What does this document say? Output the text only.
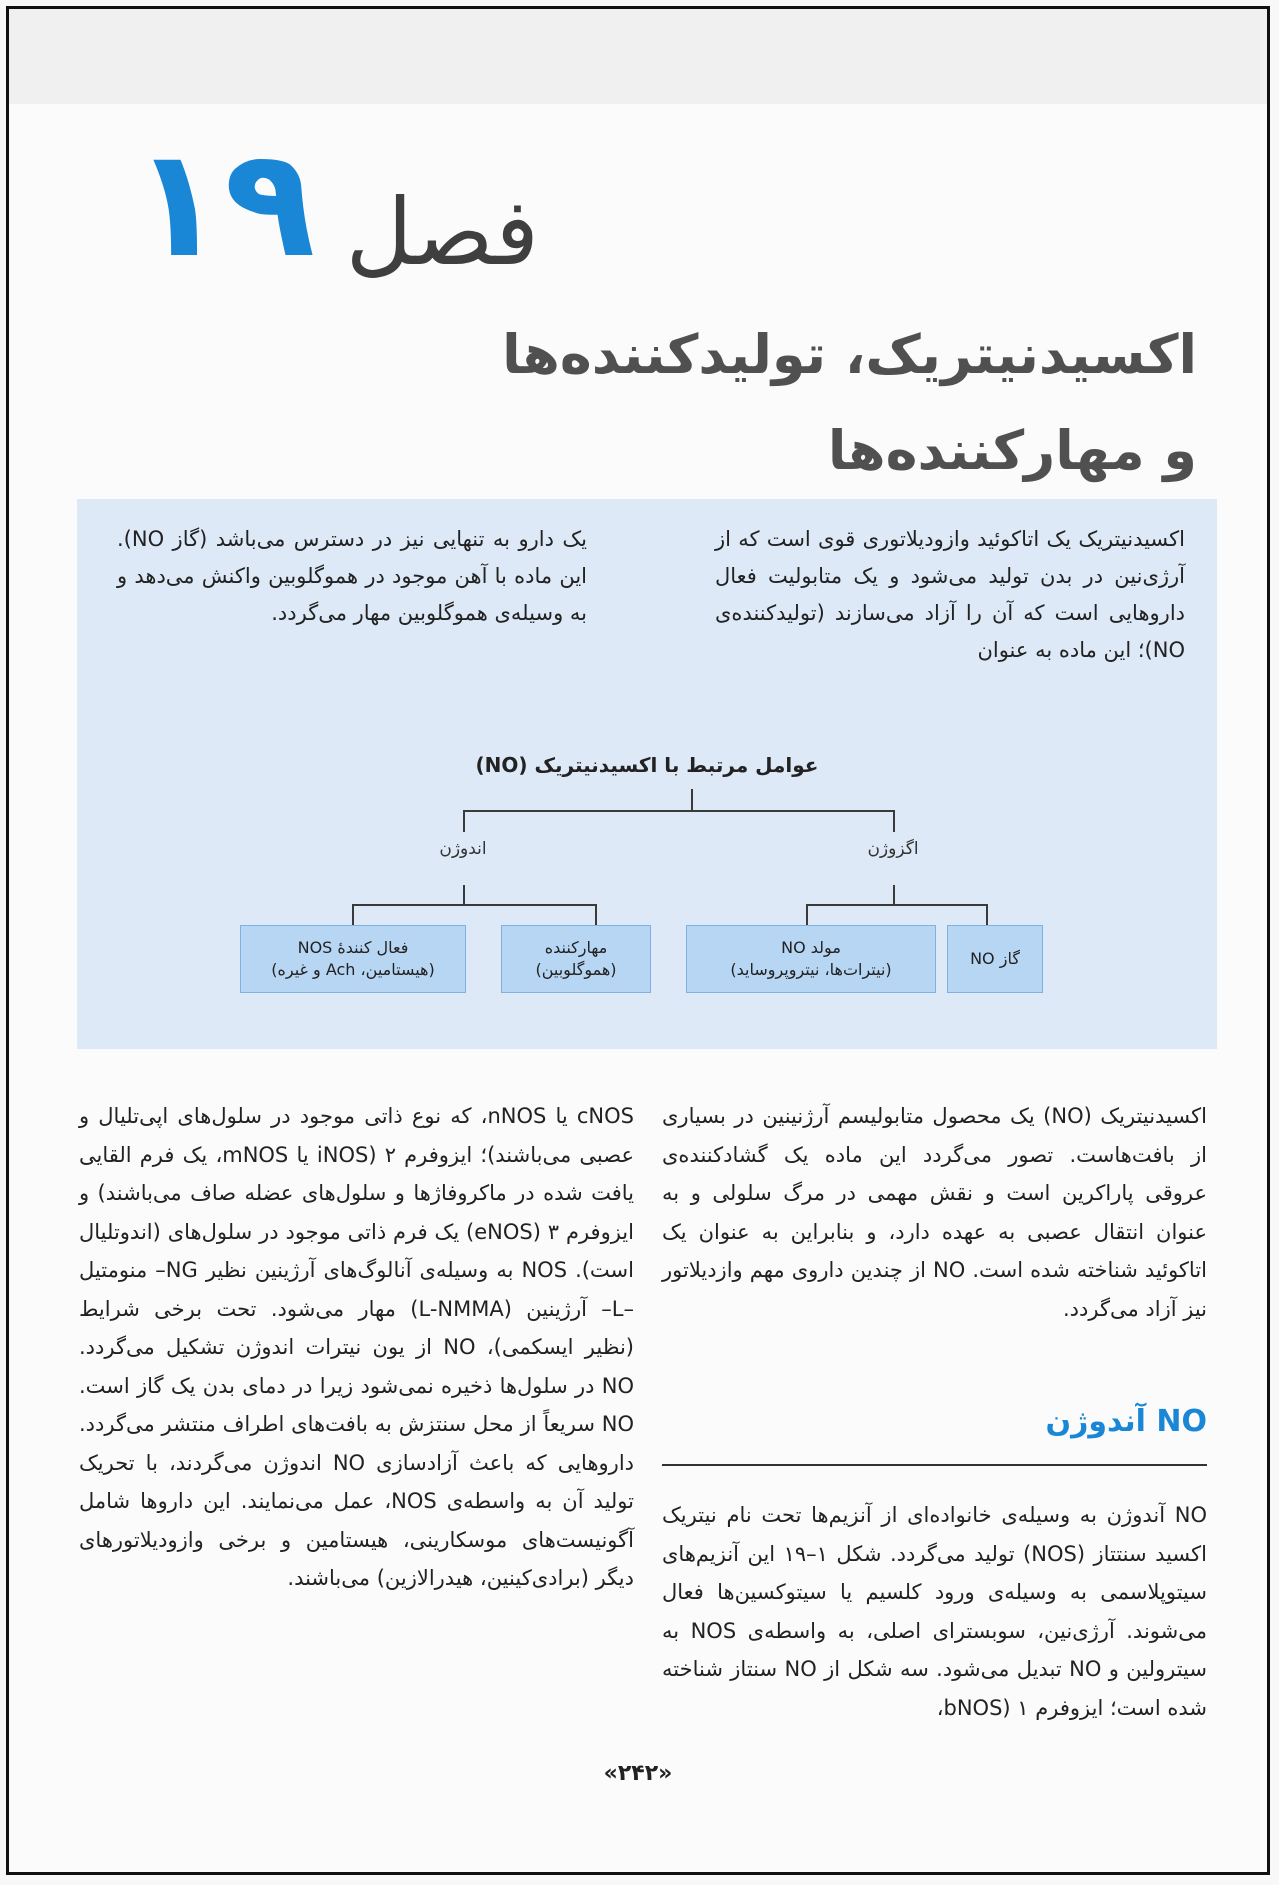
فصل
۱۹
اکسیدنیتریک، تولیدکننده‌ها
و مهارکننده‌ها
اکسیدنیتریک یک اتاکوئید وازودیلاتوری قوی است که از آرژی‌نین در بدن تولید می‌شود و یک متابولیت فعال داروهایی است که آن را آزاد می‌سازند (تولیدکننده‌ی NO)؛ این ماده به عنوان
یک دارو به تنهایی نیز در دسترس می‌باشد (گاز NO). این ماده با آهن موجود در هموگلوبین واکنش می‌دهد و به وسیله‌ی هموگلوبین مهار می‌گردد.
عوامل مرتبط با اکسیدنیتریک (NO)
اندوژن	اگزوژن
گاز NO
مولد NO
(نیترات‌ها، نیتروپروساید)
مهارکننده
(هموگلوبین)
فعال کنندهٔ NOS
(هیستامین، Ach و غیره)
اکسیدنیتریک (NO) یک محصول متابولیسم آرژنینین در بسیاری از بافت‌هاست. تصور می‌گردد این ماده یک گشادکننده‌ی عروقی پاراکرین است و نقش مهمی در مرگ سلولی و به عنوان انتقال عصبی به عهده دارد، و بنابراین به عنوان یک اتاکوئید شناخته شده است. NO از چندین داروی مهم وازدیلاتور نیز آزاد می‌گردد.
NO آندوژن
NO آندوژن به وسیله‌ی خانواده‌ای از آنزیم‌ها تحت نام نیتریک اکسید سنتتاز (NOS) تولید می‌گردد. شکل ۱–۱۹ این آنزیم‌های سیتوپلاسمی به وسیله‌ی ورود کلسیم یا سیتوکسین‌ها فعال می‌شوند. آرژی‌نین، سوبسترای اصلی، به واسطه‌ی NOS به سیترولین و NO تبدیل می‌شود. سه شکل از NO سنتاز شناخته شده است؛ ایزوفرم ۱ (bNOS،
cNOS یا nNOS، که نوع ذاتی موجود در سلول‌های اپی‌تلیال و عصبی می‌باشند)؛ ایزوفرم ۲ (iNOS یا mNOS، یک فرم القایی یافت شده در ماکروفاژها و سلول‌های عضله صاف می‌باشند) و ایزوفرم ۳ (eNOS) یک فرم ذاتی موجود در سلول‌های (اندوتلیال است). NOS به وسیله‌ی آنالوگ‌های آرژینین نظیر NG– منومتیل –L– آرژینین (L-NMMA) مهار می‌شود. تحت برخی شرایط (نظیر ایسکمی)، NO از یون نیترات اندوژن تشکیل می‌گردد. NO در سلول‌ها ذخیره نمی‌شود زیرا در دمای بدن یک گاز است. NO سریعاً از محل سنتزش به بافت‌های اطراف منتشر می‌گردد. داروهایی که باعث آزادسازی NO اندوژن می‌گردند، با تحریک تولید آن به واسطه‌ی NOS، عمل می‌نمایند. این داروها شامل آگونیست‌های موسکارینی، هیستامین و برخی وازودیلاتورهای دیگر (برادی‌کینین، هیدرالازین) می‌باشند.
«۲۴۲»
